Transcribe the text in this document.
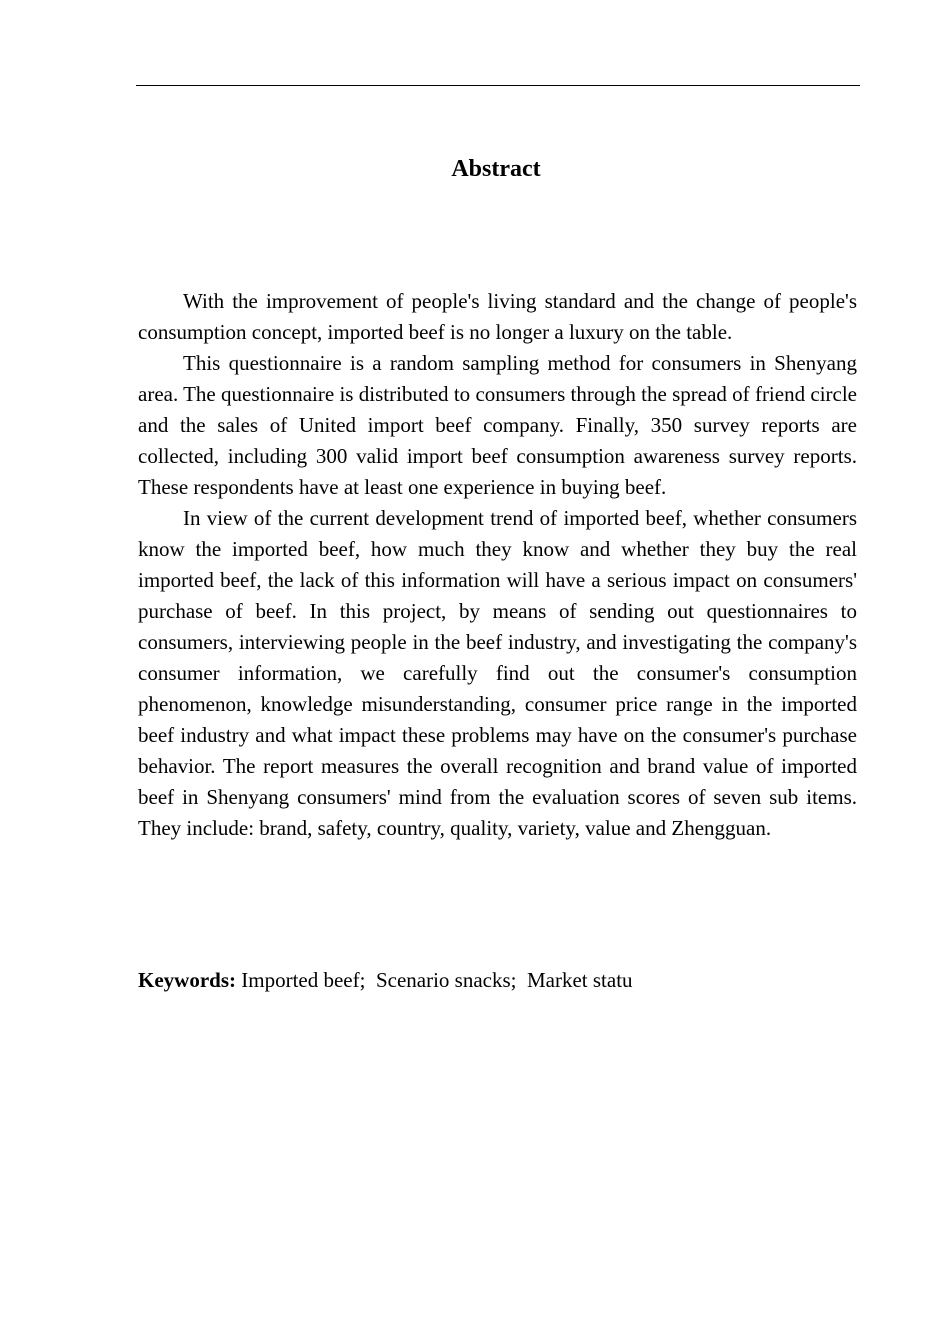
Abstract

With the improvement of people's living standard and the change of people's consumption concept, imported beef is no longer a luxury on the table.

This questionnaire is a random sampling method for consumers in Shenyang area. The questionnaire is distributed to consumers through the spread of friend circle and the sales of United import beef company. Finally, 350 survey reports are collected, including 300 valid import beef consumption awareness survey reports. These respondents have at least one experience in buying beef.

In view of the current development trend of imported beef, whether consumers know the imported beef, how much they know and whether they buy the real imported beef, the lack of this information will have a serious impact on consumers' purchase of beef. In this project, by means of sending out questionnaires to consumers, interviewing people in the beef industry, and investigating the company's consumer information, we carefully find out the consumer's consumption phenomenon, knowledge misunderstanding, consumer price range in the imported beef industry and what impact these problems may have on the consumer's purchase behavior. The report measures the overall recognition and brand value of imported beef in Shenyang consumers' mind from the evaluation scores of seven sub items. They include: brand, safety, country, quality, variety, value and Zhengguan.

Keywords: Imported beef;  Scenario snacks;  Market statu
